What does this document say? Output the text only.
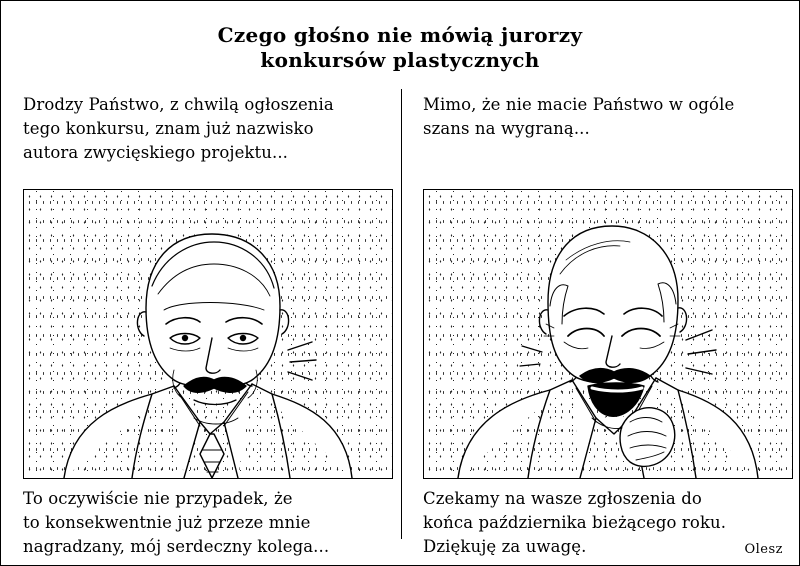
Czego głośno nie mówią jurorzy
konkursów plastycznych
Drodzy Państwo, z chwilą ogłoszenia
tego konkursu, znam już nazwisko
autora zwycięskiego projektu...
To oczywiście nie przypadek, że
to konsekwentnie już przeze mnie
nagradzany, mój serdeczny kolega...
Mimo, że nie macie Państwo w ogóle
szans na wygraną...
Czekamy na wasze zgłoszenia do
końca października bieżącego roku.
Dziękuję za uwagę.	Olesz
